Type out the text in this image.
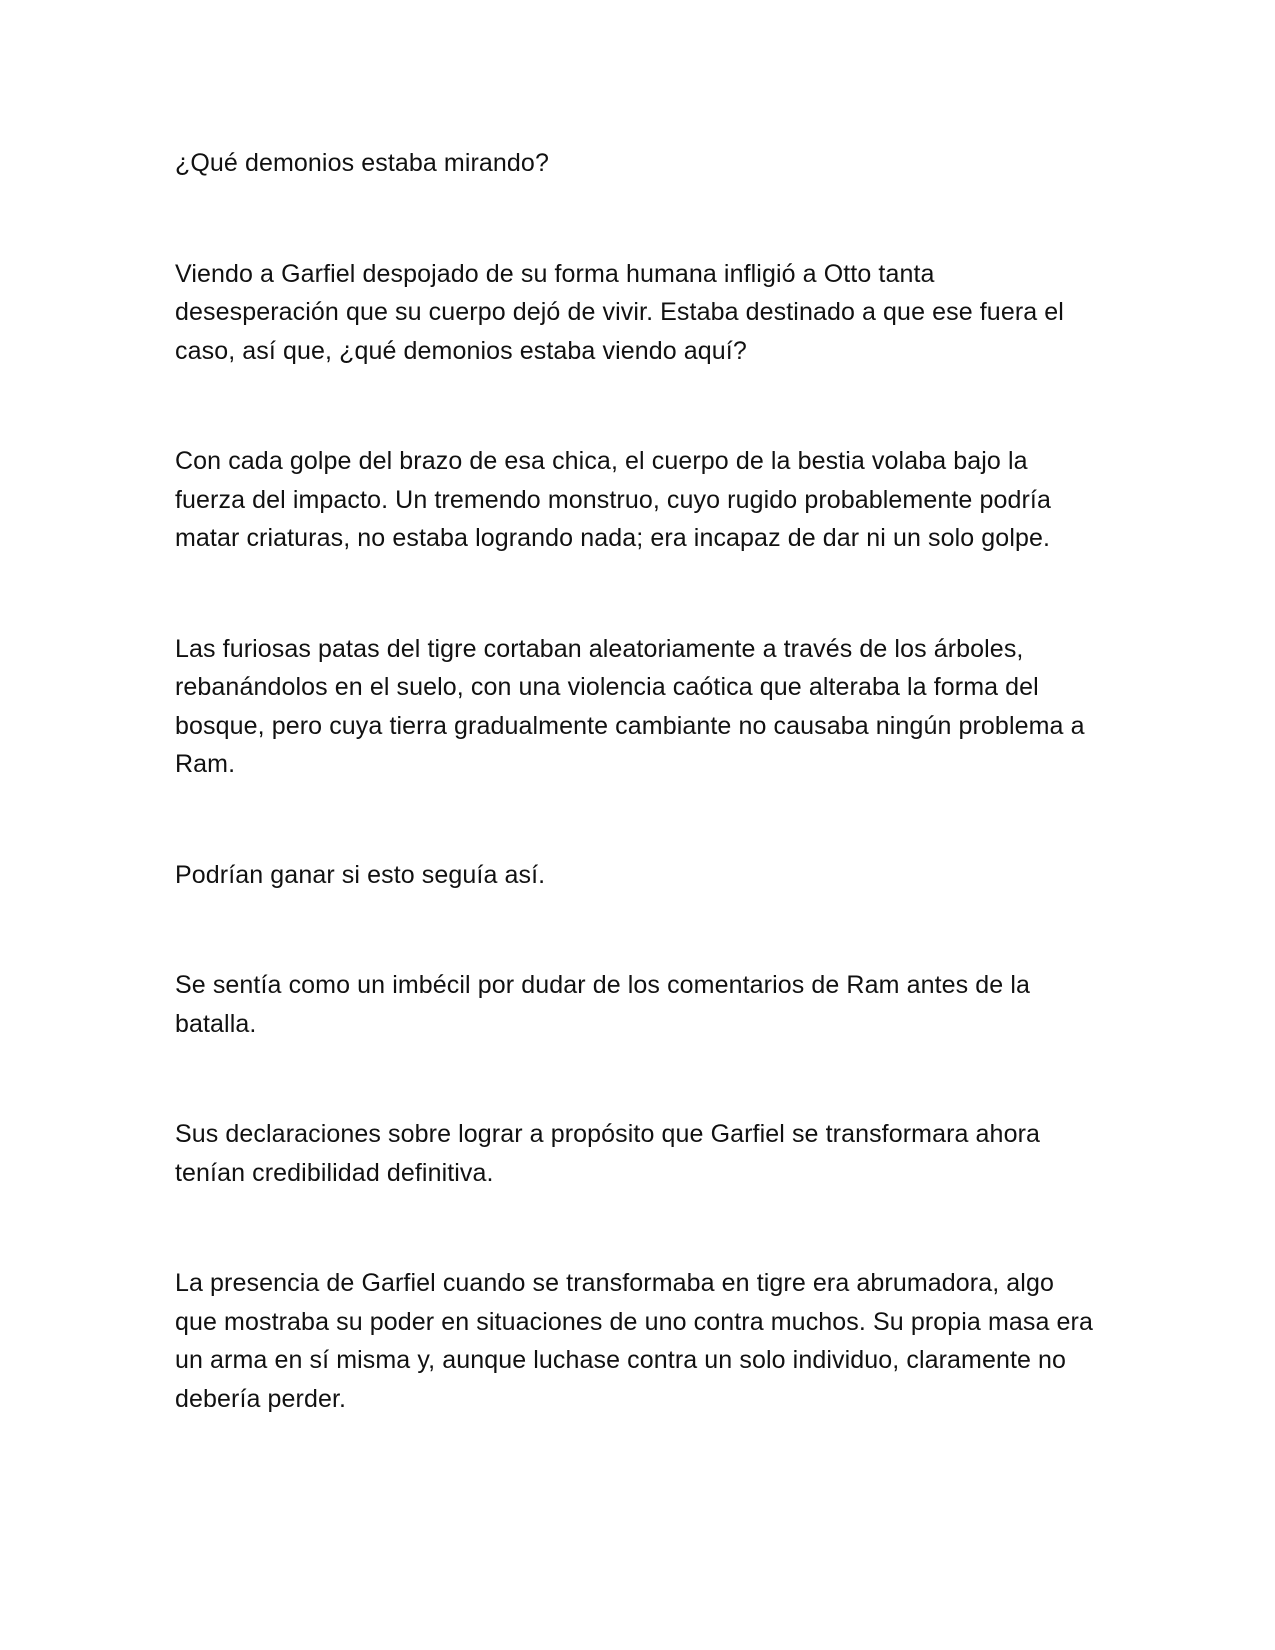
¿Qué demonios estaba mirando?

Viendo a Garfiel despojado de su forma humana infligió a Otto tanta desesperación que su cuerpo dejó de vivir. Estaba destinado a que ese fuera el caso, así que, ¿qué demonios estaba viendo aquí?

Con cada golpe del brazo de esa chica, el cuerpo de la bestia volaba bajo la fuerza del impacto. Un tremendo monstruo, cuyo rugido probablemente podría matar criaturas, no estaba logrando nada; era incapaz de dar ni un solo golpe.

Las furiosas patas del tigre cortaban aleatoriamente a través de los árboles, rebanándolos en el suelo, con una violencia caótica que alteraba la forma del bosque, pero cuya tierra gradualmente cambiante no causaba ningún problema a Ram.

Podrían ganar si esto seguía así.

Se sentía como un imbécil por dudar de los comentarios de Ram antes de la batalla.

Sus declaraciones sobre lograr a propósito que Garfiel se transformara ahora tenían credibilidad definitiva.

La presencia de Garfiel cuando se transformaba en tigre era abrumadora, algo que mostraba su poder en situaciones de uno contra muchos. Su propia masa era un arma en sí misma y, aunque luchase contra un solo individuo, claramente no debería perder.
